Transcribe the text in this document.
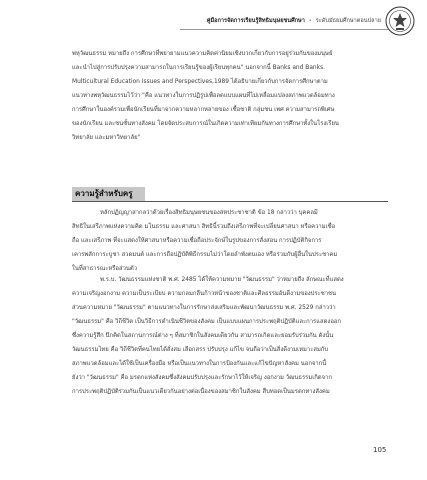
คู่มือการจัดการเรียนรู้สิทธิมนุษยชนศึกษา • ระดับมัธยมศึกษาตอนปลาย
พหุวัฒนธรรม หมายถึง การศึกษาที่พยายามแนวความคิดค่านิยมเชิงบวกเกี่ยวกับการอยู่ร่วมกันของมนุษย์
และนำไปสู่การปรับปรุงความสามารถในการเรียนรู้ของผู้เรียนทุกคน" นอกจากนี้ Banks and Banks.
Multicultural Education Issues and Perspectives,1989 ได้อธิบายเกี่ยวกับการจัดการศึกษาตาม
แนวทางพหุวัฒนธรรมไว้ว่า "คือ แนวทางในการปฏิรูปเพื่อลดแบบแผนที่ไม่เหลื่อมแปลงสภาพแวดล้อมทาง
การศึกษาในองค์รวมเพื่อนักเรียนที่มาจากความหลากหลายของ เชื้อชาติ กลุ่มชน เพศ ความสามารถพิเศษ
ของนักเรียน และชนชั้นทางสังคม โดยจัดประสบการณ์ในเกิดความเท่าเทียมกันทางการศึกษาทั้งในโรงเรียน
วิทยาลัย และมหาวิทยาลัย"
ความรู้สำหรับครู
หลักปฏิญญาสากลว่าด้วยเรื่องสิทธิมนุษยชนของสหประชาชาติ ข้อ 18 กล่าวว่า บุคคลมี
สิทธิในเสรีภาพแห่งความคิด มโนธรรม และศาสนา สิทธินี้รวมถึงเสรีภาพที่จะเปลี่ยนศาสนา หรือความเชื่อ
ถือ และเสรีภาพ ที่จะแสดงให้ศาสนาหรือความเชื่อถือประจักษ์ในรูปของการสั่งสอน การปฏิบัติกิจการ
เคารพสักการะบูชา สวดมนต์ และการถือปฏิบัติพิธีกรรมไม่ว่าโดยลำพังตนเอง หรือร่วมกับผู้อื่นในประชาคม
ในที่สาธารณะหรือส่วนตัว
พ.ร.บ. วัฒนธรรมแห่งชาติ พ.ศ. 2485 ได้ให้ความหมาย "วัฒนธรรม" ว่าหมายถึง ลักษณะที่แสดง
ความเจริญงอกงาม ความเป็นระเบียบ ความกลมกลืนก้าวหน้าของชาติและศีลธรรมอันดีงามของประชาชน
ส่วนความหมาย "วัฒนธรรม" ตามแนวทางในการรักษาส่งเสริมและพัฒนาวัฒนธรรม พ.ศ. 2529 กล่าวว่า
"วัฒนธรรม" คือ วิถีชีวิต เป็นวิธีการดำเนินชีวิตของสังคม เป็นแบบแผนการประพฤติปฏิบัติและการแสดงออก
ซึ่งความรู้สึก นึกคิดในสถานการณ์ต่าง ๆ ที่สมาชิกในสังคมเดียวกัน สามารถเกิดและยอมรับร่วมกัน ดังนั้น
วัฒนธรรมไทย คือ วิถีชีวิตที่คนไทยได้สั่งสม เลือกสรร ปรับปรุง แก้ไข จนถือว่าเป็นสิ่งดีงามเหมาะสมกับ
สภาพแวดล้อมและได้ใช้เป็นเครื่องมือ หรือเป็นแนวทางในการป้องกันและแก้ไขปัญหาสังคม นอกจากนี้
ยังว่า "วัฒนธรรม" คือ มรดกแห่งสังคมซึ่งสังคมปรับปรุงและรักษาไว้ให้เจริญ งอกงาม วัฒนธรรมเกิดจาก
การประพฤติปฏิบัติร่วมกันเป็นแนวเดียวกันอย่างต่อเนื่องของสมาชิกในสังคม สืบทอดเป็นมรดกทางสังคม
105
